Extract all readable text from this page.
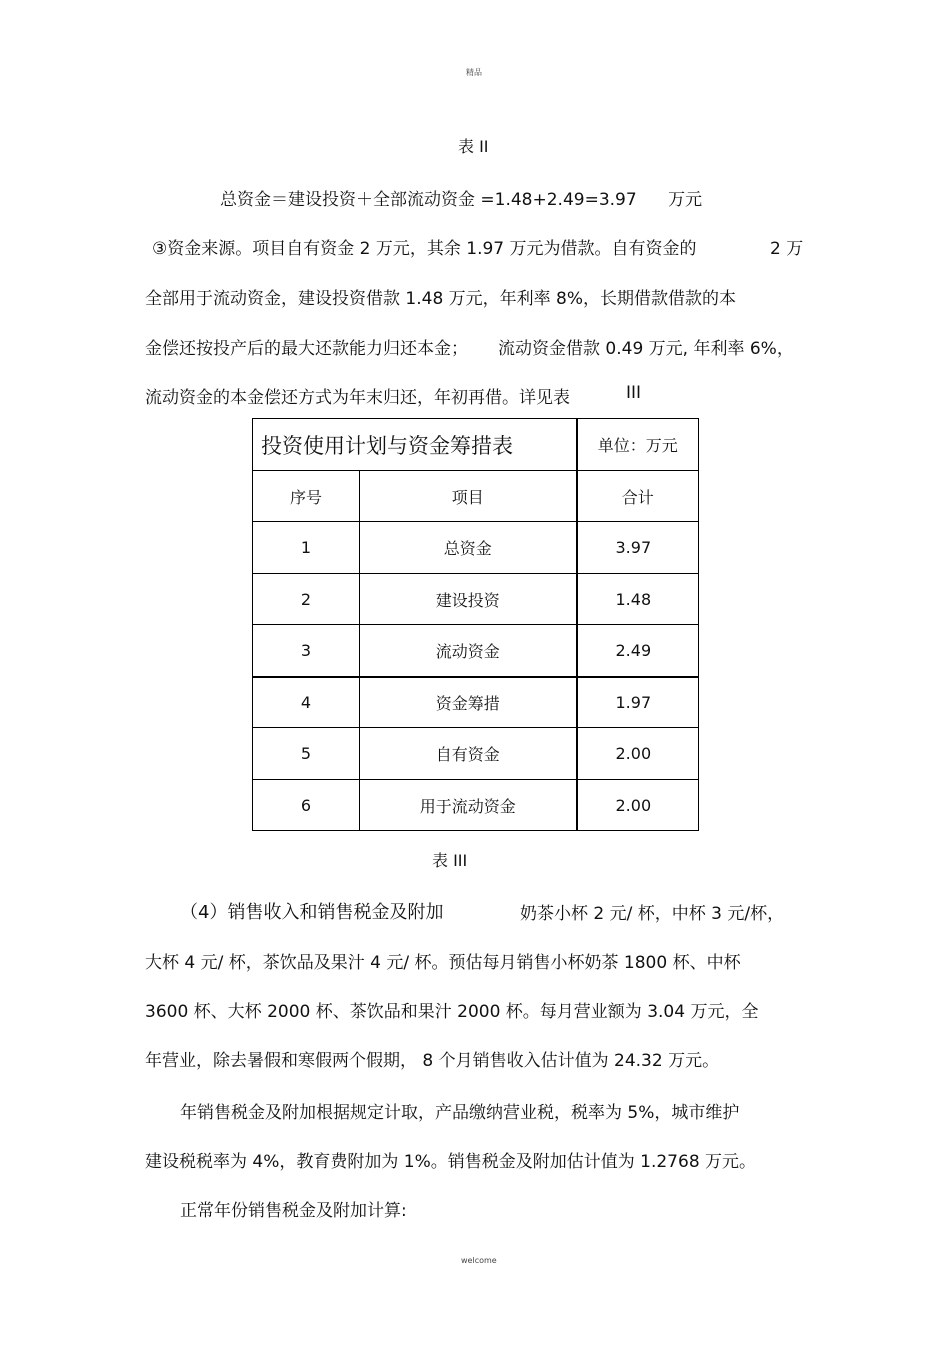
精品
表 II
总资金＝建设投资＋全部流动资金 =1.48+2.49=3.97 万元
③资金来源。项目自有资金 2 万元，其余 1.97 万元为借款。自有资金的	2 万
全部用于流动资金，建设投资借款 1.48 万元，年利率 8%，长期借款借款的本
金偿还按投产后的最大还款能力归还本金； 流动资金借款 0.49 万元, 年利率 6%，
流动资金的本金偿还方式为年末归还，年初再借。详见表	III
投资使用计划与资金筹措表		单位：万元
序号	项目	合计
1	总资金	3.97
2	建设投资	1.48
3	流动资金	2.49
4	资金筹措	1.97
5	自有资金	2.00
6	用于流动资金	2.00
表 III
（4）销售收入和销售税金及附加	奶茶小杯 2 元/ 杯，中杯 3 元/杯，
大杯 4 元/ 杯，茶饮品及果汁 4 元/ 杯。预估每月销售小杯奶茶 1800 杯、中杯
3600 杯、大杯 2000 杯、茶饮品和果汁 2000 杯。每月营业额为 3.04 万元，全
年营业，除去暑假和寒假两个假期， 8 个月销售收入估计值为 24.32 万元。
年销售税金及附加根据规定计取，产品缴纳营业税，税率为 5%，城市维护
建设税税率为 4%，教育费附加为 1%。销售税金及附加估计值为 1.2768 万元。
正常年份销售税金及附加计算:
welcome
